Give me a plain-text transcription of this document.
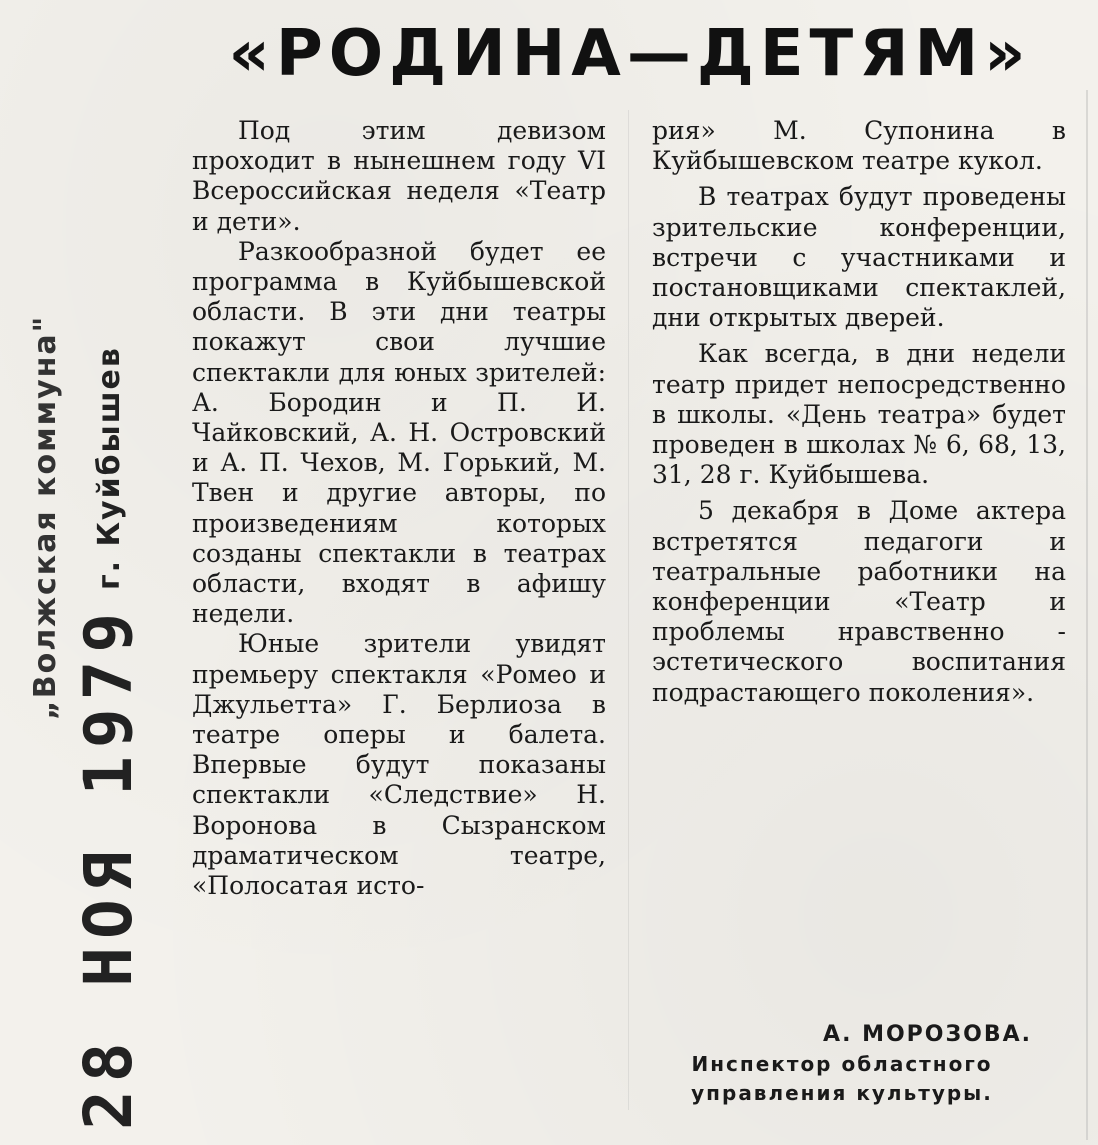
«РОДИНА—ДЕТЯМ»

Под этим девизом проходит в нынешнем году VI Всероссийская неделя «Театр и дети».

Разкообразной будет ее программа в Куйбышевской области. В эти дни театры покажут свои лучшие спектакли для юных зрителей: А. Бородин и П. И. Чайковский, А. Н. Островский и А. П. Чехов, М. Горький, М. Твен и другие авторы, по произведениям которых созданы спектакли в театрах области, входят в афишу недели.

Юные зрители увидят премьеру спектакля «Ромео и Джульетта» Г. Берлиоза в театре оперы и балета. Впервые будут показаны спектакли «Следствие» Н. Воронова в Сызранском драматическом театре, «Полосатая исто-

рия» М. Супонина в Куйбышевском театре кукол.

В театрах будут проведены зрительские конференции, встречи с участниками и постановщиками спектаклей, дни открытых дверей.

Как всегда, в дни недели театр придет непосредственно в школы. «День театра» будет проведен в школах № 6, 68, 13, 31, 28 г. Куйбышева.

5 декабря в Доме актера встретятся педагоги и театральные работники на конференции «Театр и проблемы нравственно - эстетического воспитания подрастающего поколения».

А. МОРОЗОВА.
Инспектор областного
управления культуры.
„Волжская коммуна" г. Куйбышев
28 НОЯ 1979
